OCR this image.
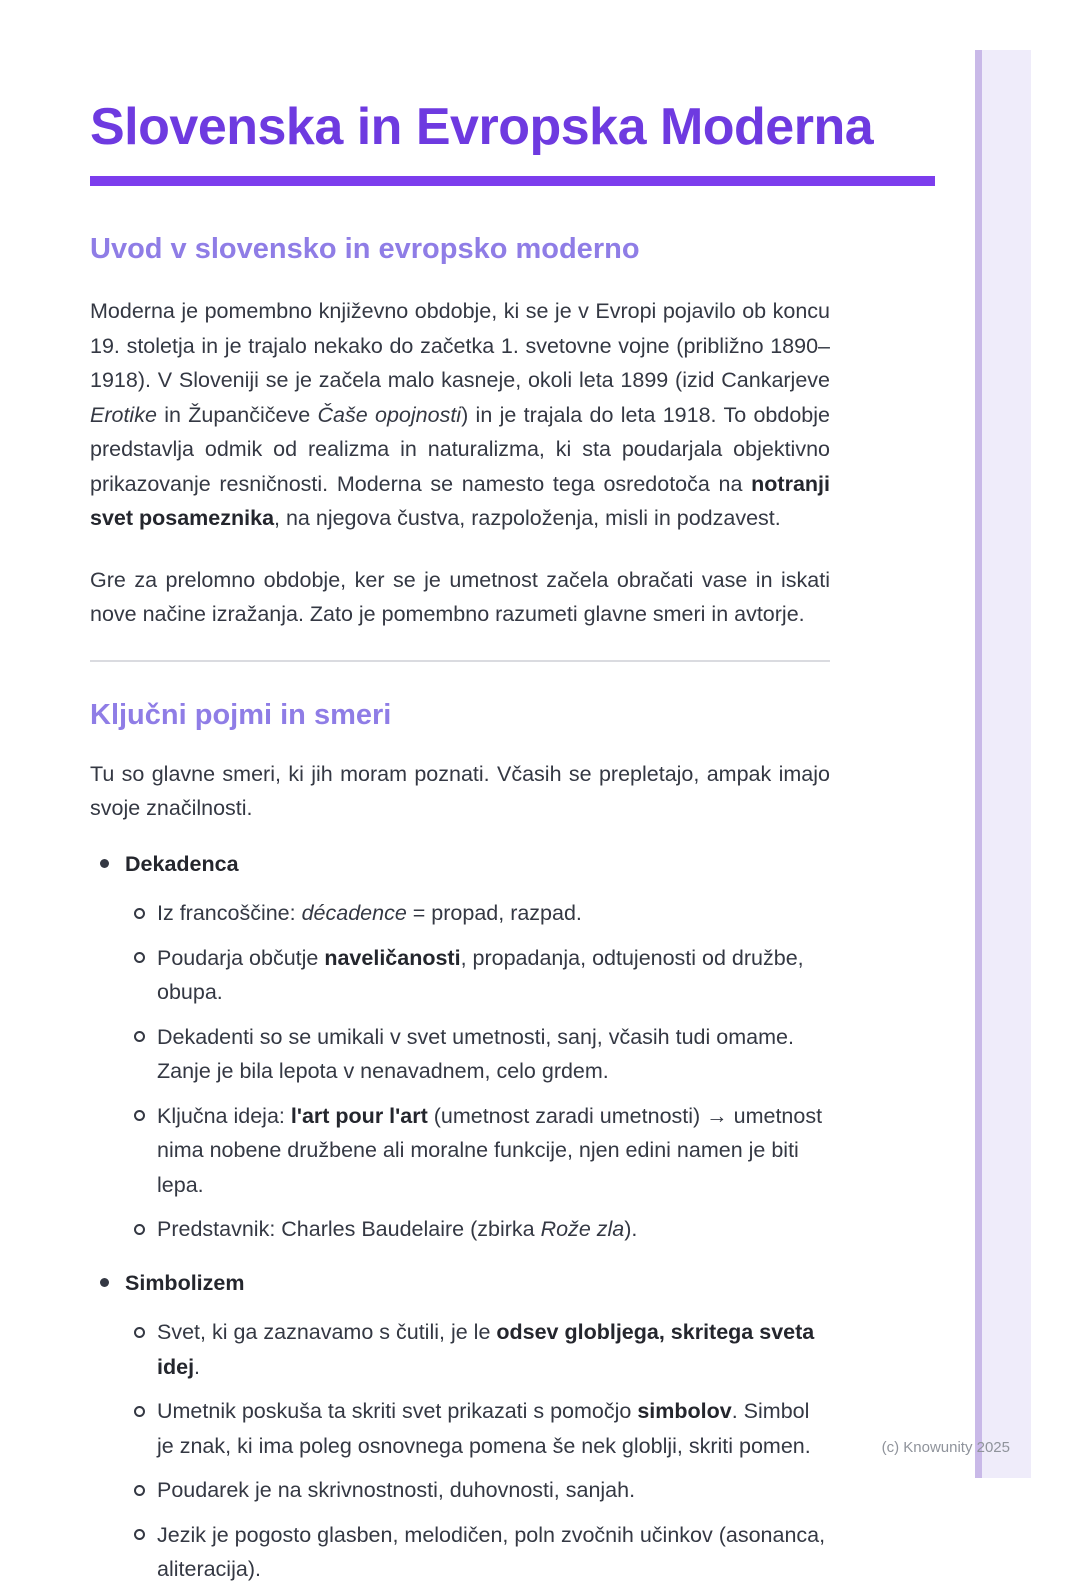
Slovenska in Evropska Moderna
Uvod v slovensko in evropsko moderno

Moderna je pomembno književno obdobje, ki se je v Evropi pojavilo ob koncu 19. stoletja in je trajalo nekako do začetka 1. svetovne vojne (približno 1890–1918). V Sloveniji se je začela malo kasneje, okoli leta 1899 (izid Cankarjeve Erotike in Župančičeve Čaše opojnosti) in je trajala do leta 1918. To obdobje predstavlja odmik od realizma in naturalizma, ki sta poudarjala objektivno prikazovanje resničnosti. Moderna se namesto tega osredotoča na notranji svet posameznika, na njegova čustva, razpoloženja, misli in podzavest.

Gre za prelomno obdobje, ker se je umetnost začela obračati vase in iskati nove načine izražanja. Zato je pomembno razumeti glavne smeri in avtorje.

Ključni pojmi in smeri

Tu so glavne smeri, ki jih moram poznati. Včasih se prepletajo, ampak imajo svoje značilnosti.

Dekadenca
Iz francoščine: décadence = propad, razpad.
Poudarja občutje naveličanosti, propadanja, odtujenosti od družbe, obupa.
Dekadenti so se umikali v svet umetnosti, sanj, včasih tudi omame. Zanje je bila lepota v nenavadnem, celo grdem.
Ključna ideja: l'art pour l'art (umetnost zaradi umetnosti) → umetnost nima nobene družbene ali moralne funkcije, njen edini namen je biti lepa.
Predstavnik: Charles Baudelaire (zbirka Rože zla).
Simbolizem
Svet, ki ga zaznavamo s čutili, je le odsev globljega, skritega sveta idej.
Umetnik poskuša ta skriti svet prikazati s pomočjo simbolov. Simbol je znak, ki ima poleg osnovnega pomena še nek globlji, skriti pomen.
Poudarek je na skrivnostnosti, duhovnosti, sanjah.
Jezik je pogosto glasben, melodičen, poln zvočnih učinkov (asonanca, aliteracija).
(c) Knowunity 2025
